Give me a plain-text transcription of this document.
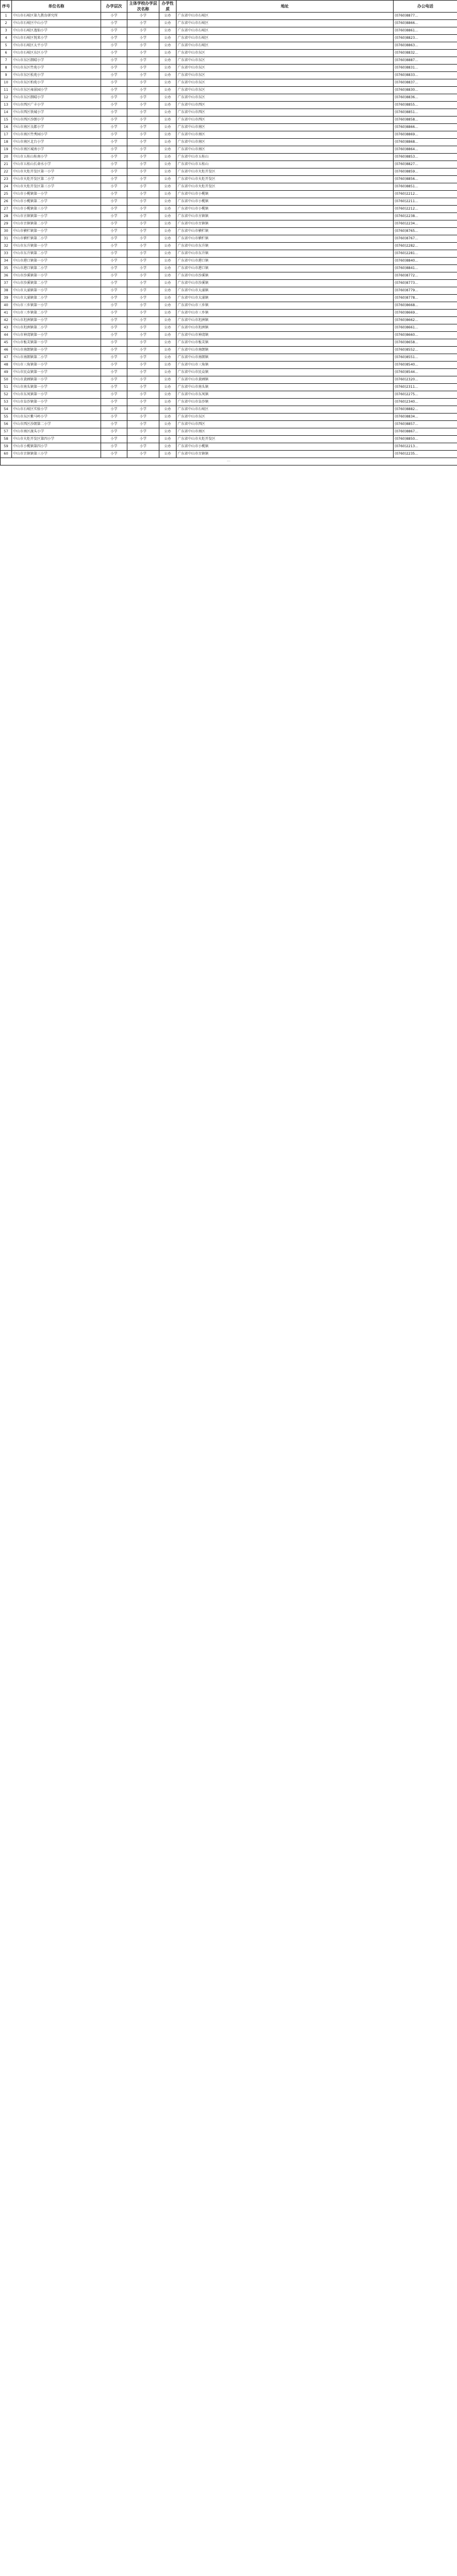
序号	单位名称	办学层次	主体学校办学层次名称	办学性质	地址	办公电话
1	中山市石岐区第九教育研究所	小学	小学	公办	广东省中山市石岐区	(0760)8877...
2	中山市石岐区中山小学	小学	小学	公办	广东省中山市石岐区	(0760)8866...
3	中山市石岐区逸仙小学	小学	小学	公办	广东省中山市石岐区	(0760)8861...
4	中山市石岐区悦来小学	小学	小学	公办	广东省中山市石岐区	(0760)8823...
5	中山市石岐区太平小学	小学	小学	公办	广东省中山市石岐区	(0760)8863...
6	中山市石岐区东区小学	小学	小学	公办	广东省中山市东区	(0760)8832...
7	中山市东区朗晴小学	小学	小学	公办	广东省中山市东区	(0760)8887...
8	中山市东区竹苑小学	小学	小学	公办	广东省中山市东区	(0760)8831...
9	中山市东区松苑小学	小学	小学	公办	广东省中山市东区	(0760)8833...
10	中山市东区柏苑小学	小学	小学	公办	广东省中山市东区	(0760)8837...
11	中山市东区雍景园小学	小学	小学	公办	广东省中山市东区	(0760)8830...
12	中山市东区朗晴小学	小学	小学	公办	广东省中山市东区	(0760)8836...
13	中山市西区广丰小学	小学	小学	公办	广东省中山市西区	(0760)8855...
14	中山市西区铁城小学	小学	小学	公办	广东省中山市西区	(0760)8851...
15	中山市西区沙朗小学	小学	小学	公办	广东省中山市西区	(0760)8858...
16	中山市南区良都小学	小学	小学	公办	广东省中山市南区	(0760)8866...
17	中山市南区竹秀园小学	小学	小学	公办	广东省中山市南区	(0760)8869...
18	中山市南区北台小学	小学	小学	公办	广东省中山市南区	(0760)8868...
19	中山市南区城南小学	小学	小学	公办	广东省中山市南区	(0760)8864...
20	中山市五桂山桂南小学	小学	小学	公办	广东省中山市五桂山	(0760)8853...
21	中山市五桂山长命水小学	小学	小学	公办	广东省中山市五桂山	(0760)8827...
22	中山市火炬开发区第一小学	小学	小学	公办	广东省中山市火炬开发区	(0760)8859...
23	中山市火炬开发区第二小学	小学	小学	公办	广东省中山市火炬开发区	(0760)8856...
24	中山市火炬开发区第三小学	小学	小学	公办	广东省中山市火炬开发区	(0760)8851...
25	中山市小榄镇第一小学	小学	小学	公办	广东省中山市小榄镇	(0760)2212...
26	中山市小榄镇第二小学	小学	小学	公办	广东省中山市小榄镇	(0760)2211...
27	中山市小榄镇第三小学	小学	小学	公办	广东省中山市小榄镇	(0760)2212...
28	中山市古镇镇第一小学	小学	小学	公办	广东省中山市古镇镇	(0760)2238...
29	中山市古镇镇第二小学	小学	小学	公办	广东省中山市古镇镇	(0760)2234...
30	中山市横栏镇第一小学	小学	小学	公办	广东省中山市横栏镇	(0760)8765...
31	中山市横栏镇第二小学	小学	小学	公办	广东省中山市横栏镇	(0760)8767...
32	中山市东升镇第一小学	小学	小学	公办	广东省中山市东升镇	(0760)2282...
33	中山市东升镇第二小学	小学	小学	公办	广东省中山市东升镇	(0760)2281...
34	中山市港口镇第一小学	小学	小学	公办	广东省中山市港口镇	(0760)8840...
35	中山市港口镇第二小学	小学	小学	公办	广东省中山市港口镇	(0760)8841...
36	中山市沙溪镇第一小学	小学	小学	公办	广东省中山市沙溪镇	(0760)8772...
37	中山市沙溪镇第二小学	小学	小学	公办	广东省中山市沙溪镇	(0760)8773...
38	中山市大涌镇第一小学	小学	小学	公办	广东省中山市大涌镇	(0760)8779...
39	中山市大涌镇第二小学	小学	小学	公办	广东省中山市大涌镇	(0760)8778...
40	中山市三乡镇第一小学	小学	小学	公办	广东省中山市三乡镇	(0760)8668...
41	中山市三乡镇第二小学	小学	小学	公办	广东省中山市三乡镇	(0760)8669...
42	中山市坦洲镇第一小学	小学	小学	公办	广东省中山市坦洲镇	(0760)8662...
43	中山市坦洲镇第二小学	小学	小学	公办	广东省中山市坦洲镇	(0760)8661...
44	中山市神湾镇第一小学	小学	小学	公办	广东省中山市神湾镇	(0760)8660...
45	中山市板芙镇第一小学	小学	小学	公办	广东省中山市板芙镇	(0760)8658...
46	中山市南朗镇第一小学	小学	小学	公办	广东省中山市南朗镇	(0760)8552...
47	中山市南朗镇第二小学	小学	小学	公办	广东省中山市南朗镇	(0760)8551...
48	中山市三角镇第一小学	小学	小学	公办	广东省中山市三角镇	(0760)8540...
49	中山市民众镇第一小学	小学	小学	公办	广东省中山市民众镇	(0760)8544...
50	中山市黄圃镇第一小学	小学	小学	公办	广东省中山市黄圃镇	(0760)2320...
51	中山市南头镇第一小学	小学	小学	公办	广东省中山市南头镇	(0760)2311...
52	中山市东凤镇第一小学	小学	小学	公办	广东省中山市东凤镇	(0760)2275...
53	中山市阜沙镇第一小学	小学	小学	公办	广东省中山市阜沙镇	(0760)2340...
54	中山市石岐区实验小学	小学	小学	公办	广东省中山市石岐区	(0760)8882...
55	中山市东区紫马岭小学	小学	小学	公办	广东省中山市东区	(0760)8834...
56	中山市西区沙朗第二小学	小学	小学	公办	广东省中山市西区	(0760)8857...
57	中山市南区渡头小学	小学	小学	公办	广东省中山市南区	(0760)8867...
58	中山市火炬开发区第四小学	小学	小学	公办	广东省中山市火炬开发区	(0760)8850...
59	中山市小榄镇第四小学	小学	小学	公办	广东省中山市小榄镇	(0760)2213...
60	中山市古镇镇第三小学	小学	小学	公办	广东省中山市古镇镇	(0760)2235...
⋯						
